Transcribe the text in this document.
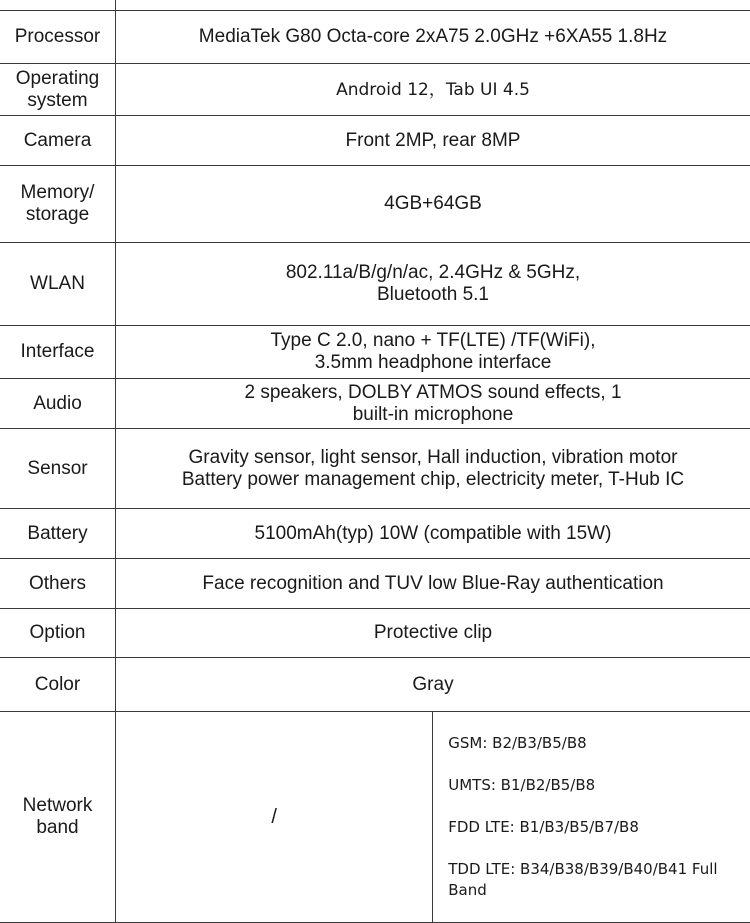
Processor	MediaTek G80 Octa-core 2xA75 2.0GHz +6XA55 1.8Hz	
Operating
system	Android 12，Tab UI 4.5	
Camera	Front 2MP, rear 8MP	
Memory/
storage	4GB+64GB	
WLAN	802.11a/B/g/n/ac, 2.4GHz & 5GHz,
Bluetooth 5.1	
Interface	Type C 2.0, nano + TF(LTE) /TF(WiFi),
3.5mm headphone interface	
Audio	2 speakers, DOLBY ATMOS sound effects, 1
built-in microphone	
Sensor	Gravity sensor, light sensor, Hall induction, vibration motor
Battery power management chip, electricity meter, T-Hub IC	
Battery	5100mAh(typ) 10W (compatible with 15W)	
Others	Face recognition and TUV low Blue-Ray authentication	
Option	Protective clip	
Color	Gray	
Network
band	/	GSM: B2/B3/B5/B8

UMTS: B1/B2/B5/B8

FDD LTE: B1/B3/B5/B7/B8

TDD LTE: B34/B38/B39/B40/B41 Full Band
